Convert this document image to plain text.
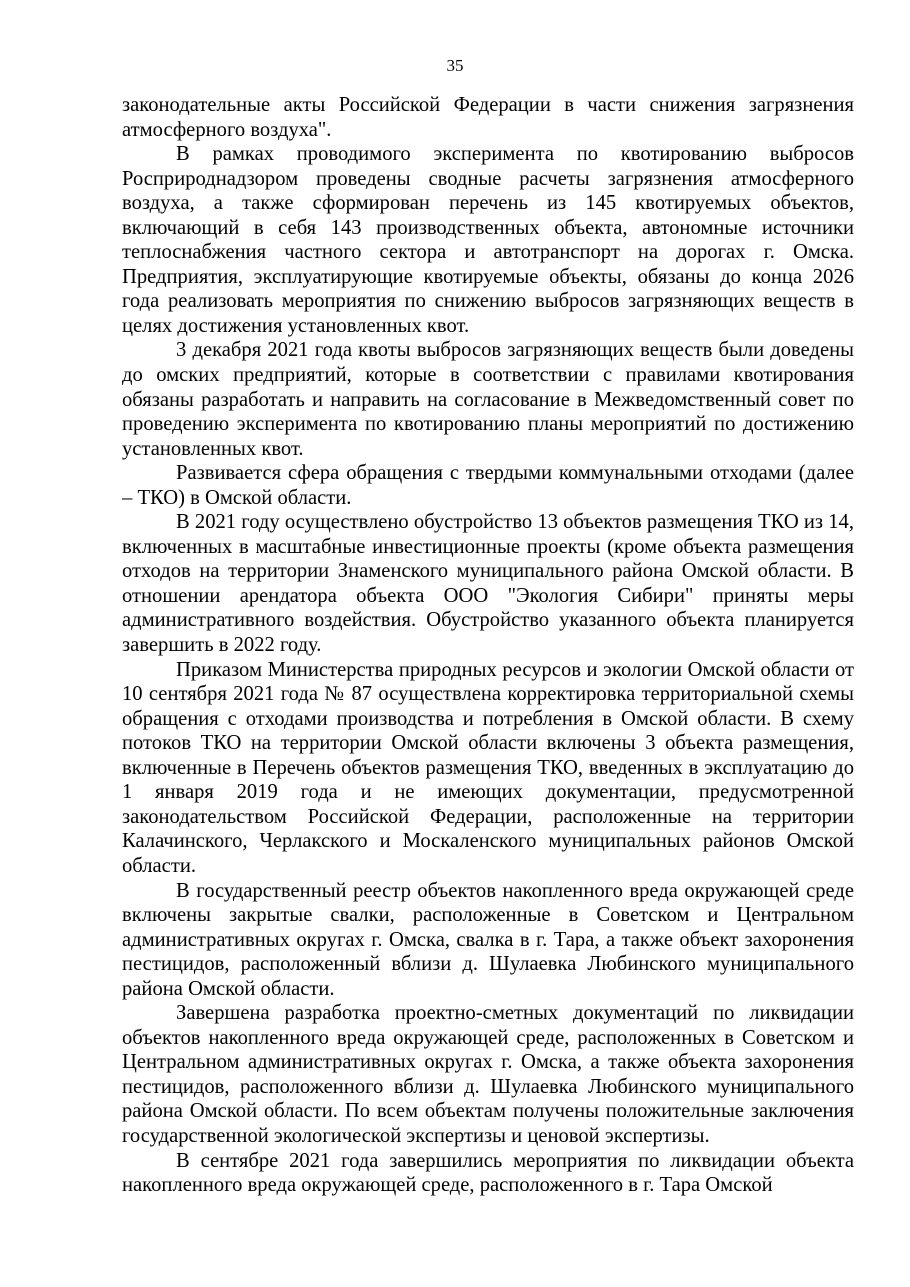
35

законодательные акты Российской Федерации в части снижения загрязнения атмосферного воздуха".

В рамках проводимого эксперимента по квотированию выбросов Росприроднадзором проведены сводные расчеты загрязнения атмосферного воздуха, а также сформирован перечень из 145 квотируемых объектов, включающий в себя 143 производственных объекта, автономные источники теплоснабжения частного сектора и автотранспорт на дорогах г. Омска. Предприятия, эксплуатирующие квотируемые объекты, обязаны до конца 2026 года реализовать мероприятия по снижению выбросов загрязняющих веществ в целях достижения установленных квот.

3 декабря 2021 года квоты выбросов загрязняющих веществ были доведены до омских предприятий, которые в соответствии с правилами квотирования обязаны разработать и направить на согласование в Межведомственный совет по проведению эксперимента по квотированию планы мероприятий по достижению установленных квот.

Развивается сфера обращения с твердыми коммунальными отходами (далее – ТКО) в Омской области.

В 2021 году осуществлено обустройство 13 объектов размещения ТКО из 14, включенных в масштабные инвестиционные проекты (кроме объекта размещения отходов на территории Знаменского муниципального района Омской области. В отношении арендатора объекта ООО "Экология Сибири" приняты меры административного воздействия. Обустройство указанного объекта планируется завершить в 2022 году.

Приказом Министерства природных ресурсов и экологии Омской области от 10 сентября 2021 года № 87 осуществлена корректировка территориальной схемы обращения с отходами производства и потребления в Омской области. В схему потоков ТКО на территории Омской области включены 3 объекта размещения, включенные в Перечень объектов размещения ТКО, введенных в эксплуатацию до 1 января 2019 года и не имеющих документации, предусмотренной законодательством Российской Федерации, расположенные на территории Калачинского, Черлакского и Москаленского муниципальных районов Омской области.

В государственный реестр объектов накопленного вреда окружающей среде включены закрытые свалки, расположенные в Советском и Центральном административных округах г. Омска, свалка в г. Тара, а также объект захоронения пестицидов, расположенный вблизи д. Шулаевка Любинского муниципального района Омской области.

Завершена разработка проектно-сметных документаций по ликвидации объектов накопленного вреда окружающей среде, расположенных в Советском и Центральном административных округах г. Омска, а также объекта захоронения пестицидов, расположенного вблизи д. Шулаевка Любинского муниципального района Омской области. По всем объектам получены положительные заключения государственной экологической экспертизы и ценовой экспертизы.

В сентябре 2021 года завершились мероприятия по ликвидации объекта накопленного вреда окружающей среде, расположенного в г. Тара Омской
